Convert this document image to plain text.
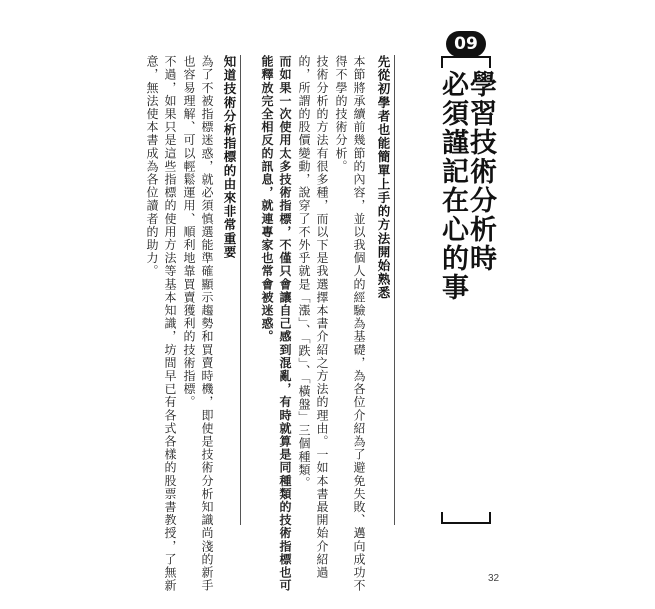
09
學習技術分析時
必須謹記在心的事
先從初學者也能簡單上手的方法開始熟悉
本節將承續前幾節的內容，並以我個人的經驗為基礎，為各位介紹為了避免失敗、邁向成功不
得不學的技術分析。
技術分析的方法有很多種，而以下是我選擇本書介紹之方法的理由。一如本書最開始介紹過
的，所謂的股價變動，說穿了不外乎就是「漲」、「跌」、「橫盤」三個種類。
而如果一次使用太多技術指標，不僅只會讓自己感到混亂，有時就算是同種類的技術指標也可
能釋放完全相反的訊息，就連專家也常會被迷惑。
知道技術分析指標的由來非常重要
為了不被指標迷惑，就必須慎選能準確顯示趨勢和買賣時機，即使是技術分析知識尚淺的新手
也容易理解、可以輕鬆運用、順利地靠買賣獲利的技術指標。
不過，如果只是這些指標的使用方法等基本知識，坊間早已有各式各樣的股票書教授，了無新
意，無法使本書成為各位讀者的助力。
32
